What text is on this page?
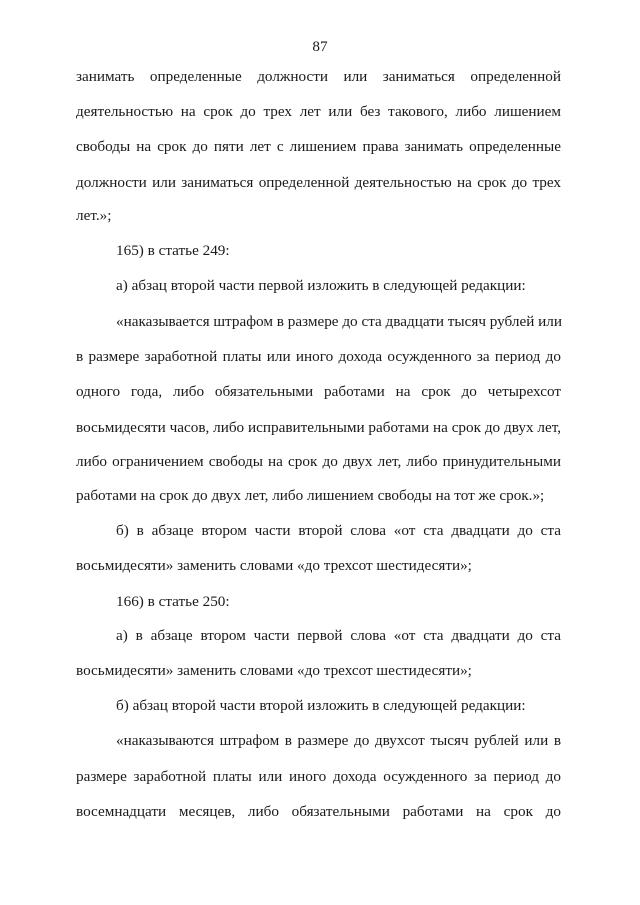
87
занимать определенные должности или заниматься определенной
деятельностью на срок до трех лет или без такового, либо лишением
свободы на срок до пяти лет с лишением права занимать определенные
должности или заниматься определенной деятельностью на срок до трех
лет.»;
165) в статье 249:
а) абзац второй части первой изложить в следующей редакции:
«наказывается штрафом в размере до ста двадцати тысяч рублей или
в размере заработной платы или иного дохода осужденного за период до
одного года, либо обязательными работами на срок до четырехсот
восьмидесяти часов, либо исправительными работами на срок до двух лет,
либо ограничением свободы на срок до двух лет, либо принудительными
работами на срок до двух лет, либо лишением свободы на тот же срок.»;
б) в абзаце втором части второй слова «от ста двадцати до ста
восьмидесяти» заменить словами «до трехсот шестидесяти»;
166) в статье 250:
а) в абзаце втором части первой слова «от ста двадцати до ста
восьмидесяти» заменить словами «до трехсот шестидесяти»;
б) абзац второй части второй изложить в следующей редакции:
«наказываются штрафом в размере до двухсот тысяч рублей или в
размере заработной платы или иного дохода осужденного за период до
восемнадцати месяцев, либо обязательными работами на срок до
